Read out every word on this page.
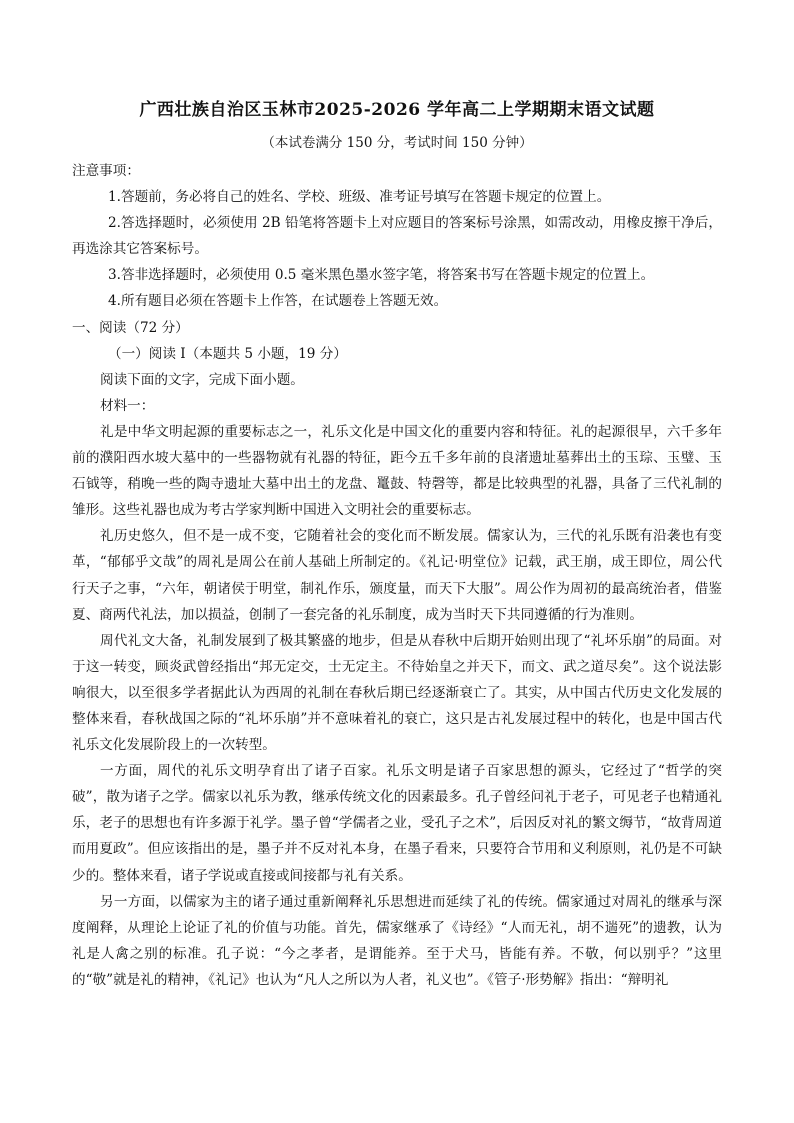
广西壮族自治区玉林市2025-2026 学年高二上学期期末语文试题
（本试卷满分 150 分，考试时间 150 分钟）

注意事项：

1.答题前，务必将自己的姓名、学校、班级、准考证号填写在答题卡规定的位置上。

2.答选择题时，必须使用 2B 铅笔将答题卡上对应题目的答案标号涂黑，如需改动，用橡皮擦干净后，再选涂其它答案标号。

3.答非选择题时，必须使用 0.5 毫米黑色墨水签字笔，将答案书写在答题卡规定的位置上。

4.所有题目必须在答题卡上作答，在试题卷上答题无效。

一、阅读（72 分）

（一）阅读 I（本题共 5 小题，19 分）

阅读下面的文字，完成下面小题。

材料一：

礼是中华文明起源的重要标志之一，礼乐文化是中国文化的重要内容和特征。礼的起源很早，六千多年前的濮阳西水坡大墓中的一些器物就有礼器的特征，距今五千多年前的良渚遗址墓葬出土的玉琮、玉璧、玉石钺等，稍晚一些的陶寺遗址大墓中出土的龙盘、鼍鼓、特磬等，都是比较典型的礼器，具备了三代礼制的雏形。这些礼器也成为考古学家判断中国进入文明社会的重要标志。

礼历史悠久，但不是一成不变，它随着社会的变化而不断发展。儒家认为，三代的礼乐既有沿袭也有变革，“郁郁乎文哉”的周礼是周公在前人基础上所制定的。《礼记·明堂位》记载，武王崩，成王即位，周公代行天子之事，“六年，朝诸侯于明堂，制礼作乐，颁度量，而天下大服”。周公作为周初的最高统治者，借鉴夏、商两代礼法，加以损益，创制了一套完备的礼乐制度，成为当时天下共同遵循的行为准则。

周代礼文大备，礼制发展到了极其繁盛的地步，但是从春秋中后期开始则出现了“礼坏乐崩”的局面。对于这一转变，顾炎武曾经指出“邦无定交，士无定主。不待始皇之并天下，而文、武之道尽矣”。这个说法影响很大，以至很多学者据此认为西周的礼制在春秋后期已经逐渐衰亡了。其实，从中国古代历史文化发展的整体来看，春秋战国之际的“礼坏乐崩”并不意味着礼的衰亡，这只是古礼发展过程中的转化，也是中国古代礼乐文化发展阶段上的一次转型。

一方面，周代的礼乐文明孕育出了诸子百家。礼乐文明是诸子百家思想的源头，它经过了“哲学的突破”，散为诸子之学。儒家以礼乐为教，继承传统文化的因素最多。孔子曾经问礼于老子，可见老子也精通礼乐，老子的思想也有许多源于礼学。墨子曾“学儒者之业，受孔子之术”，后因反对礼的繁文缛节，“故背周道而用夏政”。但应该指出的是，墨子并不反对礼本身，在墨子看来，只要符合节用和义利原则，礼仍是不可缺少的。整体来看，诸子学说或直接或间接都与礼有关系。

另一方面，以儒家为主的诸子通过重新阐释礼乐思想进而延续了礼的传统。儒家通过对周礼的继承与深度阐释，从理论上论证了礼的价值与功能。首先，儒家继承了《诗经》“人而无礼，胡不遄死”的遗教，认为礼是人禽之别的标准。孔子说：“今之孝者，是谓能养。至于犬马，皆能有养。不敬，何以别乎？”这里的“敬”就是礼的精神，《礼记》也认为“凡人之所以为人者，礼义也”。《管子·形势解》指出：“辩明礼
